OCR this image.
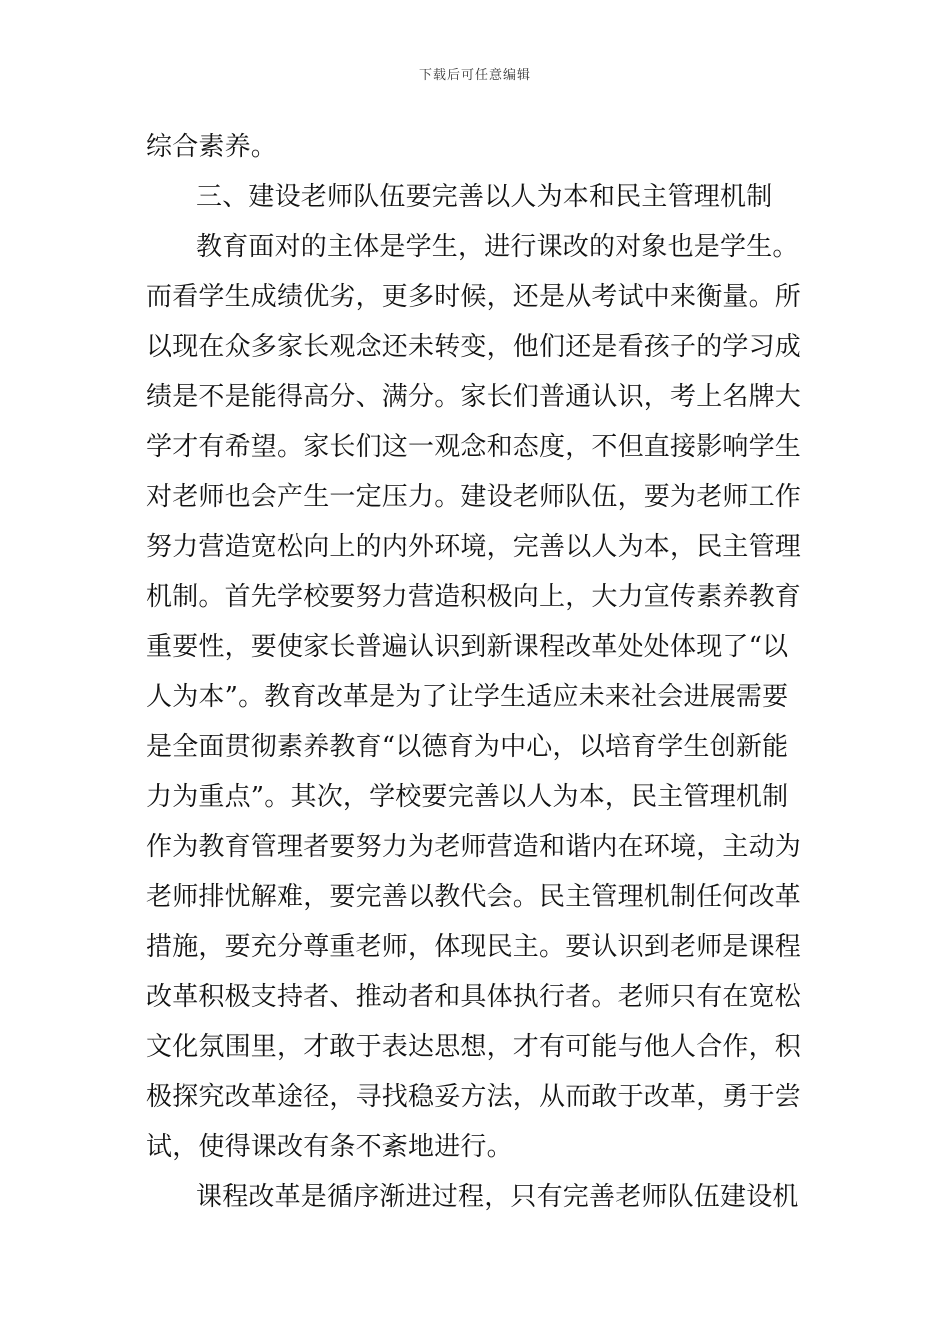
下载后可任意编辑
综合素养。
三、建设老师队伍要完善以人为本和民主管理机制
教育面对的主体是学生，进行课改的对象也是学生。
而看学生成绩优劣，更多时候，还是从考试中来衡量。所
以现在众多家长观念还未转变，他们还是看孩子的学习成
绩是不是能得高分、满分。家长们普通认识，考上名牌大
学才有希望。家长们这一观念和态度，不但直接影响学生
对老师也会产生一定压力。建设老师队伍，要为老师工作
努力营造宽松向上的内外环境，完善以人为本，民主管理
机制。首先学校要努力营造积极向上，大力宣传素养教育
重要性，要使家长普遍认识到新课程改革处处体现了“以
人为本”。教育改革是为了让学生适应未来社会进展需要
是全面贯彻素养教育“以德育为中心，以培育学生创新能
力为重点”。其次，学校要完善以人为本，民主管理机制
作为教育管理者要努力为老师营造和谐内在环境，主动为
老师排忧解难，要完善以教代会。民主管理机制任何改革
措施，要充分尊重老师，体现民主。要认识到老师是课程
改革积极支持者、推动者和具体执行者。老师只有在宽松
文化氛围里，才敢于表达思想，才有可能与他人合作，积
极探究改革途径，寻找稳妥方法，从而敢于改革，勇于尝
试，使得课改有条不紊地进行。
课程改革是循序渐进过程，只有完善老师队伍建设机
